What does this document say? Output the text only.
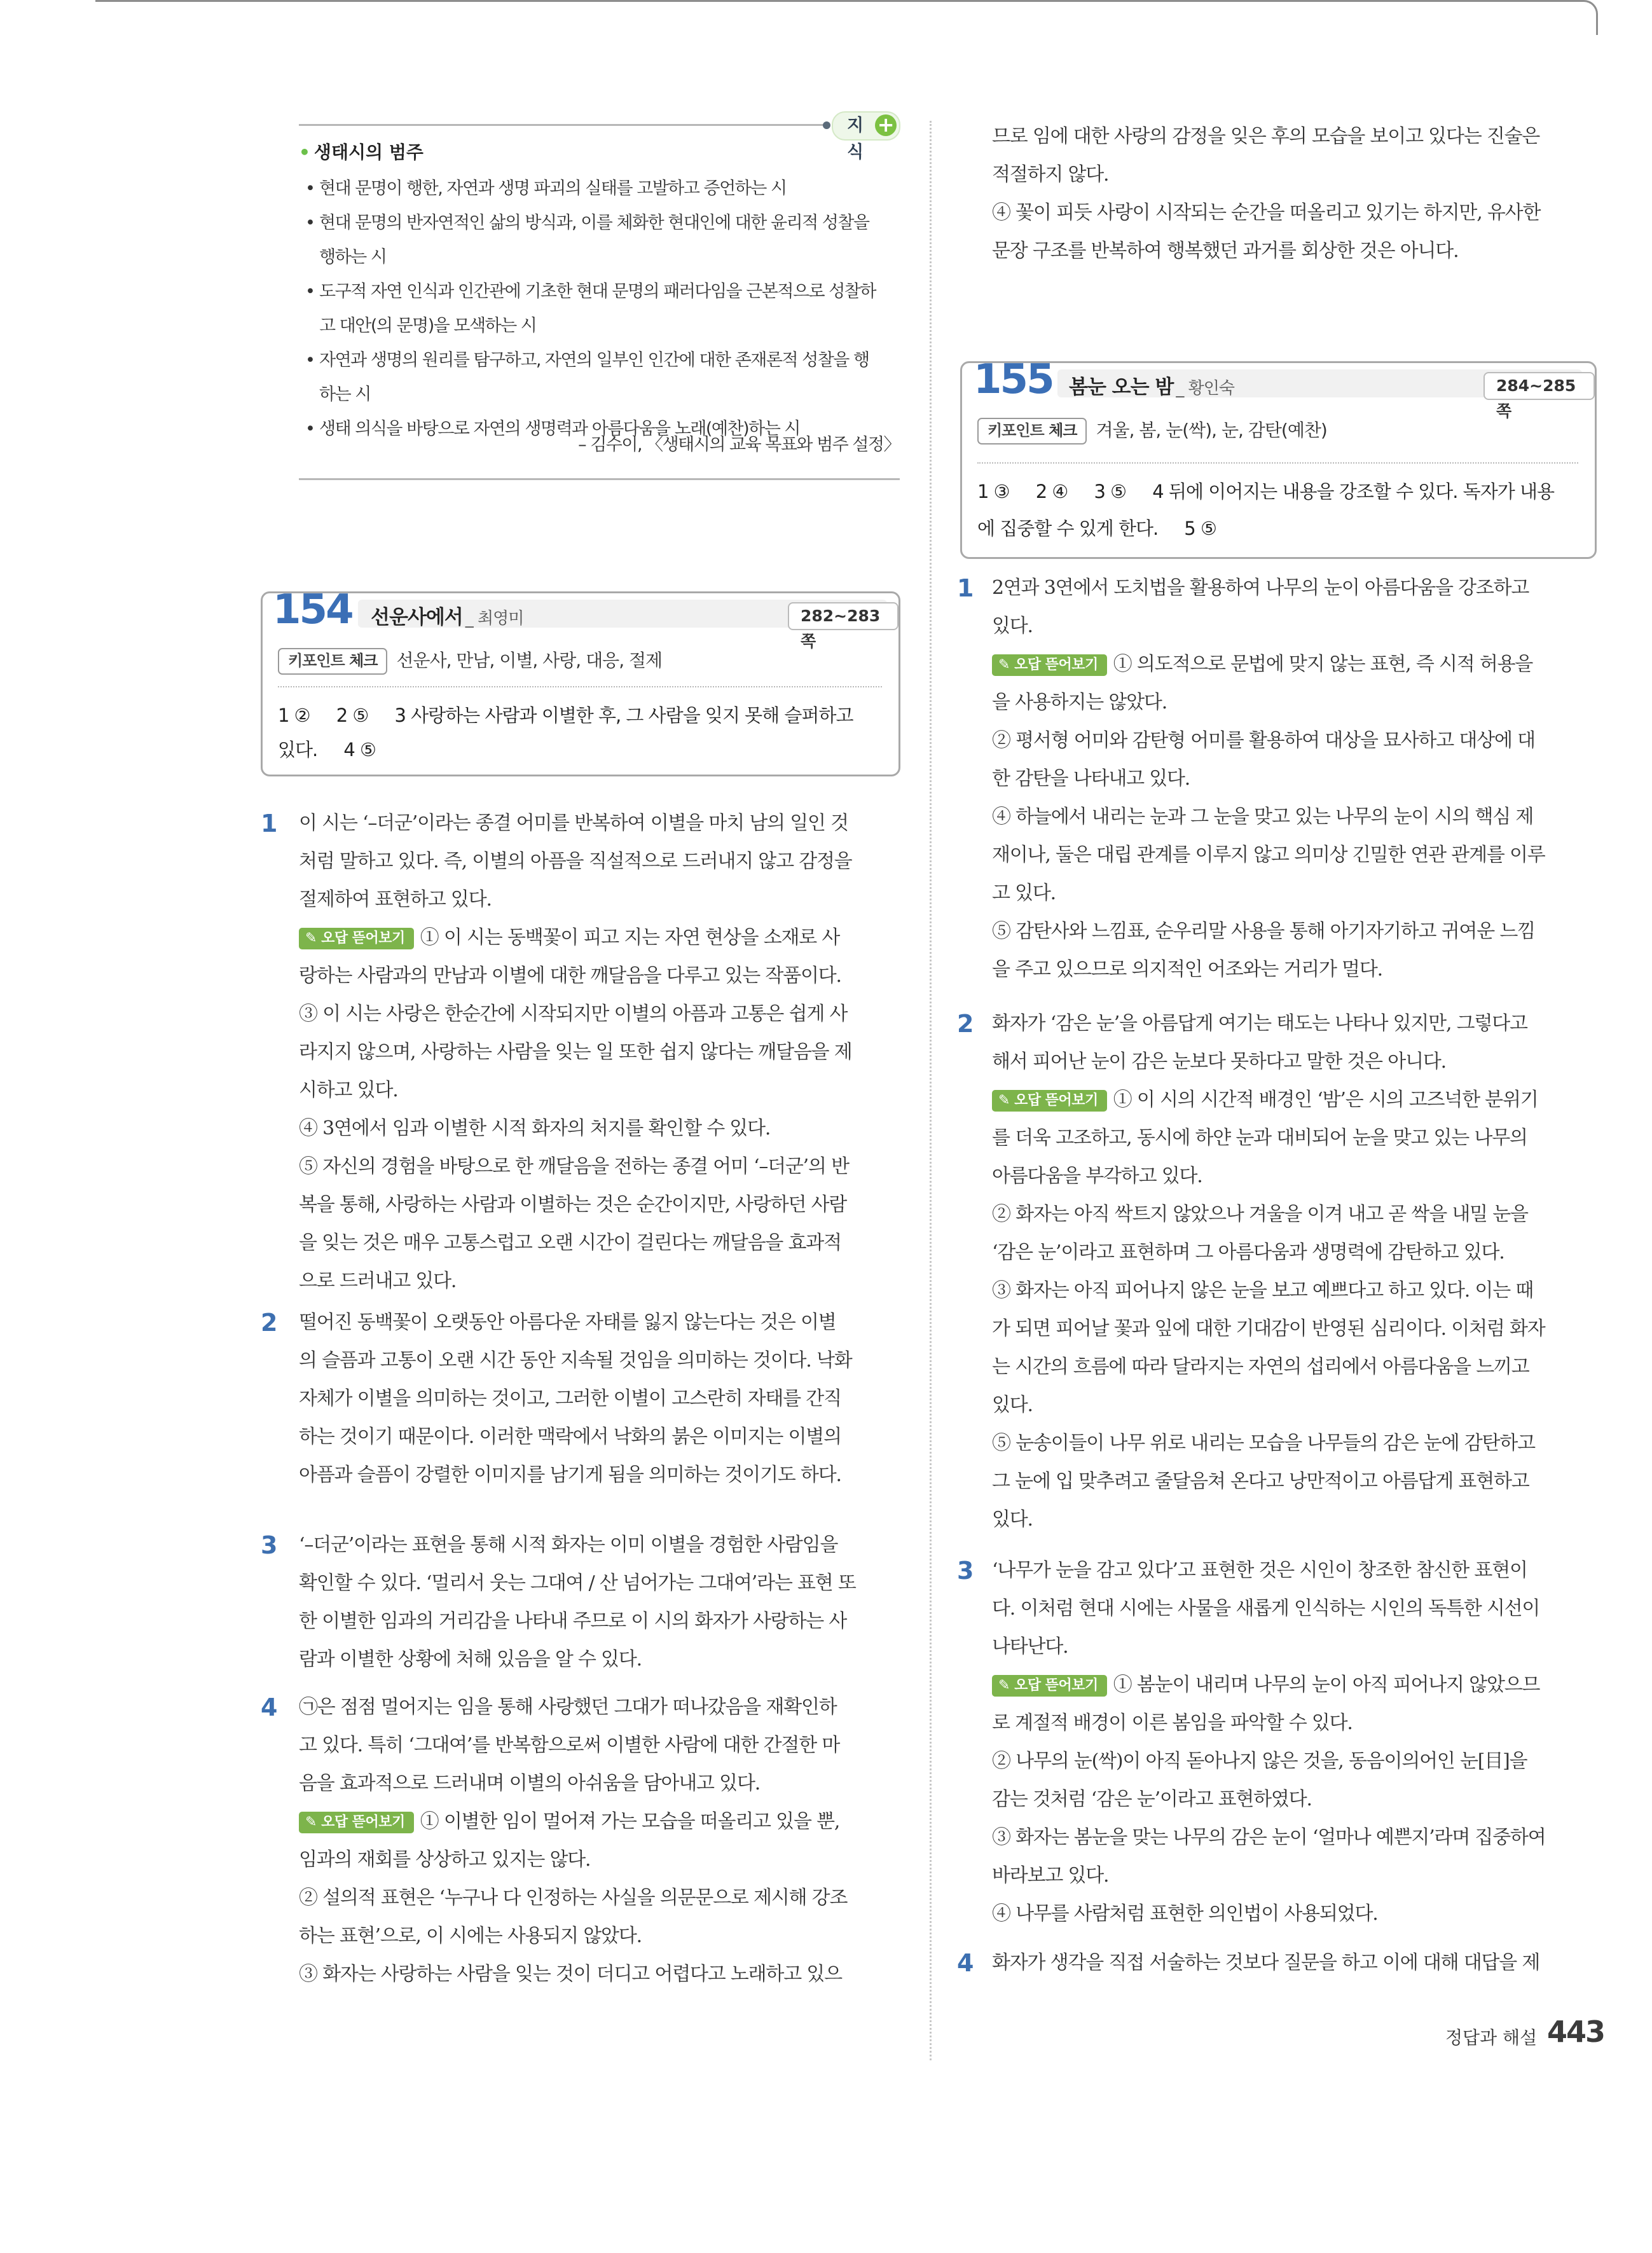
지식
+
• 생태시의 범주
• 현대 문명이 행한, 자연과 생명 파괴의 실태를 고발하고 증언하는 시
• 현대 문명의 반자연적인 삶의 방식과, 이를 체화한 현대인에 대한 윤리적 성찰을
행하는 시
• 도구적 자연 인식과 인간관에 기초한 현대 문명의 패러다임을 근본적으로 성찰하
고 대안(의 문명)을 모색하는 시
• 자연과 생명의 원리를 탐구하고, 자연의 일부인 인간에 대한 존재론적 성찰을 행
하는 시
• 생태 의식을 바탕으로 자연의 생명력과 아름다움을 노래(예찬)하는 시
– 김수이, 〈생태시의 교육 목표와 범주 설정〉
154 선운사에서 _ 최영미	282~283쪽
키포인트 체크 선운사, 만남, 이별, 사랑, 대응, 절제
1 ②     2 ⑤     3 사랑하는 사람과 이별한 후, 그 사람을 잊지 못해 슬퍼하고
있다.     4 ⑤
155 봄눈 오는 밤 _ 황인숙	284~285쪽
키포인트 체크 겨울, 봄, 눈(싹), 눈, 감탄(예찬)
1 ③     2 ④     3 ⑤     4 뒤에 이어지는 내용을 강조할 수 있다. 독자가 내용
에 집중할 수 있게 한다.     5 ⑤
1 이 시는 ‘–더군’이라는 종결 어미를 반복하여 이별을 마치 남의 일인 것

처럼 말하고 있다. 즉, 이별의 아픔을 직설적으로 드러내지 않고 감정을

절제하여 표현하고 있다.

✎ 오답 뜯어보기 ① 이 시는 동백꽃이 피고 지는 자연 현상을 소재로 사

랑하는 사람과의 만남과 이별에 대한 깨달음을 다루고 있는 작품이다.

③ 이 시는 사랑은 한순간에 시작되지만 이별의 아픔과 고통은 쉽게 사

라지지 않으며, 사랑하는 사람을 잊는 일 또한 쉽지 않다는 깨달음을 제

시하고 있다.

④ 3연에서 임과 이별한 시적 화자의 처지를 확인할 수 있다.

⑤ 자신의 경험을 바탕으로 한 깨달음을 전하는 종결 어미 ‘–더군’의 반

복을 통해, 사랑하는 사람과 이별하는 것은 순간이지만, 사랑하던 사람

을 잊는 것은 매우 고통스럽고 오랜 시간이 걸린다는 깨달음을 효과적

으로 드러내고 있다.

2 떨어진 동백꽃이 오랫동안 아름다운 자태를 잃지 않는다는 것은 이별

의 슬픔과 고통이 오랜 시간 동안 지속될 것임을 의미하는 것이다. 낙화

자체가 이별을 의미하는 것이고, 그러한 이별이 고스란히 자태를 간직

하는 것이기 때문이다. 이러한 맥락에서 낙화의 붉은 이미지는 이별의

아픔과 슬픔이 강렬한 이미지를 남기게 됨을 의미하는 것이기도 하다.

3 ‘–더군’이라는 표현을 통해 시적 화자는 이미 이별을 경험한 사람임을

확인할 수 있다. ‘멀리서 웃는 그대여 / 산 넘어가는 그대여’라는 표현 또

한 이별한 임과의 거리감을 나타내 주므로 이 시의 화자가 사랑하는 사

람과 이별한 상황에 처해 있음을 알 수 있다.

4 ㉠은 점점 멀어지는 임을 통해 사랑했던 그대가 떠나갔음을 재확인하

고 있다. 특히 ‘그대여’를 반복함으로써 이별한 사람에 대한 간절한 마

음을 효과적으로 드러내며 이별의 아쉬움을 담아내고 있다.

✎ 오답 뜯어보기 ① 이별한 임이 멀어져 가는 모습을 떠올리고 있을 뿐,

임과의 재회를 상상하고 있지는 않다.

② 설의적 표현은 ‘누구나 다 인정하는 사실을 의문문으로 제시해 강조

하는 표현’으로, 이 시에는 사용되지 않았다.

③ 화자는 사랑하는 사람을 잊는 것이 더디고 어렵다고 노래하고 있으

므로 임에 대한 사랑의 감정을 잊은 후의 모습을 보이고 있다는 진술은

적절하지 않다.

④ 꽃이 피듯 사랑이 시작되는 순간을 떠올리고 있기는 하지만, 유사한

문장 구조를 반복하여 행복했던 과거를 회상한 것은 아니다.

1 2연과 3연에서 도치법을 활용하여 나무의 눈이 아름다움을 강조하고

있다.

✎ 오답 뜯어보기 ① 의도적으로 문법에 맞지 않는 표현, 즉 시적 허용을

을 사용하지는 않았다.

② 평서형 어미와 감탄형 어미를 활용하여 대상을 묘사하고 대상에 대

한 감탄을 나타내고 있다.

④ 하늘에서 내리는 눈과 그 눈을 맞고 있는 나무의 눈이 시의 핵심 제

재이나, 둘은 대립 관계를 이루지 않고 의미상 긴밀한 연관 관계를 이루

고 있다.

⑤ 감탄사와 느낌표, 순우리말 사용을 통해 아기자기하고 귀여운 느낌

을 주고 있으므로 의지적인 어조와는 거리가 멀다.

2 화자가 ‘감은 눈’을 아름답게 여기는 태도는 나타나 있지만, 그렇다고

해서 피어난 눈이 감은 눈보다 못하다고 말한 것은 아니다.

✎ 오답 뜯어보기 ① 이 시의 시간적 배경인 ‘밤’은 시의 고즈넉한 분위기

를 더욱 고조하고, 동시에 하얀 눈과 대비되어 눈을 맞고 있는 나무의

아름다움을 부각하고 있다.

② 화자는 아직 싹트지 않았으나 겨울을 이겨 내고 곧 싹을 내밀 눈을

‘감은 눈’이라고 표현하며 그 아름다움과 생명력에 감탄하고 있다.

③ 화자는 아직 피어나지 않은 눈을 보고 예쁘다고 하고 있다. 이는 때

가 되면 피어날 꽃과 잎에 대한 기대감이 반영된 심리이다. 이처럼 화자

는 시간의 흐름에 따라 달라지는 자연의 섭리에서 아름다움을 느끼고

있다.

⑤ 눈송이들이 나무 위로 내리는 모습을 나무들의 감은 눈에 감탄하고

그 눈에 입 맞추려고 줄달음쳐 온다고 낭만적이고 아름답게 표현하고

있다.

3 ‘나무가 눈을 감고 있다’고 표현한 것은 시인이 창조한 참신한 표현이

다. 이처럼 현대 시에는 사물을 새롭게 인식하는 시인의 독특한 시선이

나타난다.

✎ 오답 뜯어보기 ① 봄눈이 내리며 나무의 눈이 아직 피어나지 않았으므

로 계절적 배경이 이른 봄임을 파악할 수 있다.

② 나무의 눈(싹)이 아직 돋아나지 않은 것을, 동음이의어인 눈[目]을

감는 것처럼 ‘감은 눈’이라고 표현하였다.

③ 화자는 봄눈을 맞는 나무의 감은 눈이 ‘얼마나 예쁜지’라며 집중하여

바라보고 있다.

④ 나무를 사람처럼 표현한 의인법이 사용되었다.

4 화자가 생각을 직접 서술하는 것보다 질문을 하고 이에 대해 대답을 제

정답과 해설 443
